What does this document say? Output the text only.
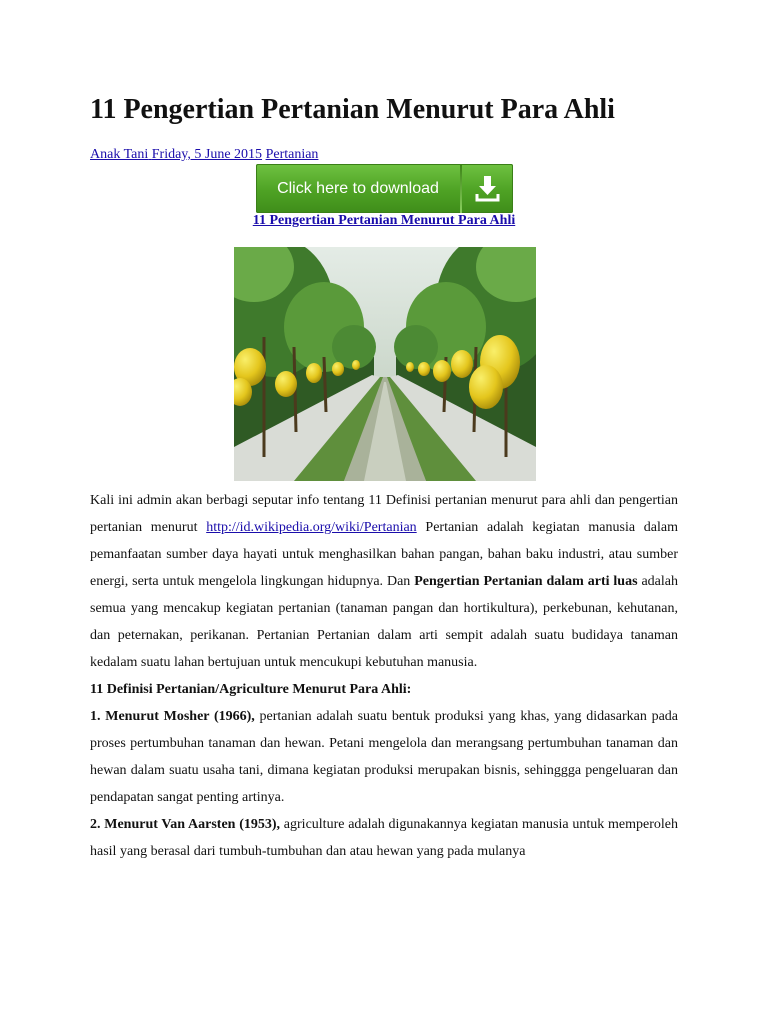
11 Pengertian Pertanian Menurut Para Ahli
Anak Tani Friday, 5 June 2015 Pertanian
Click here to download
11 Pengertian Pertanian Menurut Para Ahli

Kali ini admin akan berbagi seputar info tentang 11 Definisi pertanian menurut para ahli dan pengertian pertanian menurut http://id.wikipedia.org/wiki/Pertanian Pertanian adalah kegiatan manusia dalam pemanfaatan sumber daya hayati untuk menghasilkan bahan pangan, bahan baku industri, atau sumber energi, serta untuk mengelola lingkungan hidupnya. Dan Pengertian Pertanian dalam arti luas adalah semua yang mencakup kegiatan pertanian (tanaman pangan dan hortikultura), perkebunan, kehutanan, dan peternakan, perikanan. Pertanian Pertanian dalam arti sempit adalah suatu budidaya tanaman kedalam suatu lahan bertujuan untuk mencukupi kebutuhan manusia.

11 Definisi Pertanian/Agriculture Menurut Para Ahli:

1. Menurut Mosher (1966), pertanian adalah suatu bentuk produksi yang khas, yang didasarkan pada proses pertumbuhan tanaman dan hewan. Petani mengelola dan merangsang pertumbuhan tanaman dan hewan dalam suatu usaha tani, dimana kegiatan produksi merupakan bisnis, sehinggga pengeluaran dan pendapatan sangat penting artinya.

2. Menurut Van Aarsten (1953), agriculture adalah digunakannya kegiatan manusia untuk memperoleh hasil yang berasal dari tumbuh-tumbuhan dan atau hewan yang pada mulanya
